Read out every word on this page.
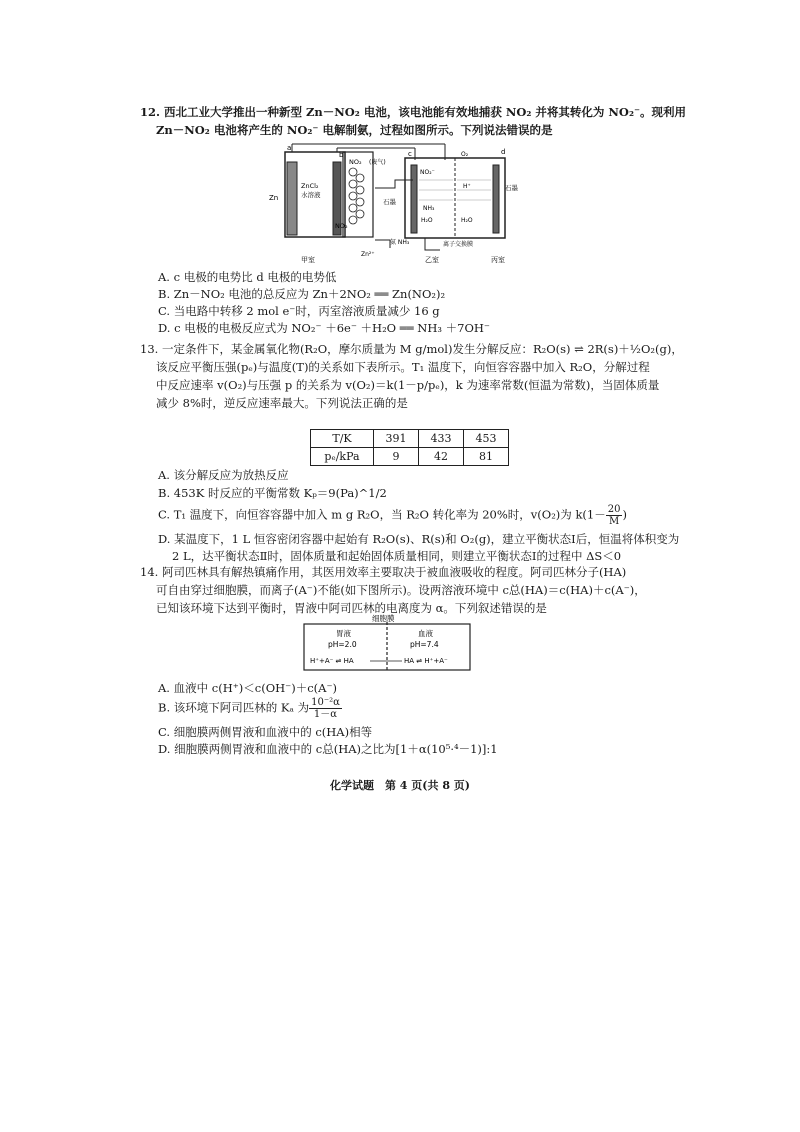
12. 西北工业大学推出一种新型 Zn－NO₂ 电池，该电池能有效地捕获 NO₂ 并将其转化为 NO₂⁻。现利用
Zn－NO₂ 电池将产生的 NO₂⁻ 电解制氨，过程如图所示。下列说法错误的是
a
b	c	d
Zn
ZnCl₂
水溶液
NO₂ (废气)
NO₂
石墨
石墨
NO₂⁻
NH₃
H₂O	H₂O
H⁺
O₂
氨 NH₃
Zn²⁺
离子交换膜
甲室	乙室	丙室
A. c 电极的电势比 d 电极的电势低
B. Zn－NO₂ 电池的总反应为 Zn＋2NO₂ ══ Zn(NO₂)₂
C. 当电路中转移 2 mol e⁻时，丙室溶液质量减少 16 g
D. c 电极的电极反应式为 NO₂⁻ ＋6e⁻ ＋H₂O ══ NH₃ ＋7OH⁻
13. 一定条件下，某金属氧化物(R₂O，摩尔质量为 M g/mol)发生分解反应：R₂O(s) ⇌ 2R(s)＋½O₂(g)，
该反应平衡压强(pₑ)与温度(T)的关系如下表所示。T₁ 温度下，向恒容容器中加入 R₂O，分解过程
中反应速率 v(O₂)与压强 p 的关系为 v(O₂)＝k(1－p/pₑ)，k 为速率常数(恒温为常数)，当固体质量
减少 8%时，逆反应速率最大。下列说法正确的是
T/K	391	433	453
pₑ/kPa	9	42	81
A. 该分解反应为放热反应
B. 453K 时反应的平衡常数 Kₚ＝9(Pa)^1/2
C. T₁ 温度下，向恒容容器中加入 m g R₂O，当 R₂O 转化率为 20%时，v(O₂)为 $k(1- \frac{20}{M}$ )
D. 某温度下，1 L 恒容密闭容器中起始有 R₂O(s)、R(s)和 O₂(g)，建立平衡状态Ⅰ后，恒温将体积变为
2 L，达平衡状态Ⅱ时，固体质量和起始固体质量相同，则建立平衡状态Ⅰ的过程中 ΔS＜0
14. 阿司匹林具有解热镇痛作用，其医用效率主要取决于被血液吸收的程度。阿司匹林分子(HA)
可自由穿过细胞膜，而离子(A⁻)不能(如下图所示)。设两溶液环境中 c总(HA)＝c(HA)＋c(A⁻)，
已知该环境下达到平衡时，胃液中阿司匹林的电离度为 α。下列叙述错误的是
细胞膜
胃液
pH=2.0
血液
pH=7.4
H⁺+A⁻ ⇌ HA	HA ⇌ H⁺+A⁻
A. 血液中 c(H⁺)＜c(OH⁻)＋c(A⁻)
B. 该环境下阿司匹林的 Kₐ 为 $\frac{\text{10⁻²α}}{1-\alpha}$
C. 细胞膜两侧胃液和血液中的 c(HA)相等
D. 细胞膜两侧胃液和血液中的 c总(HA)之比为[1＋α(10⁵·⁴－1)]:1
化学试题　第 4 页(共 8 页)
